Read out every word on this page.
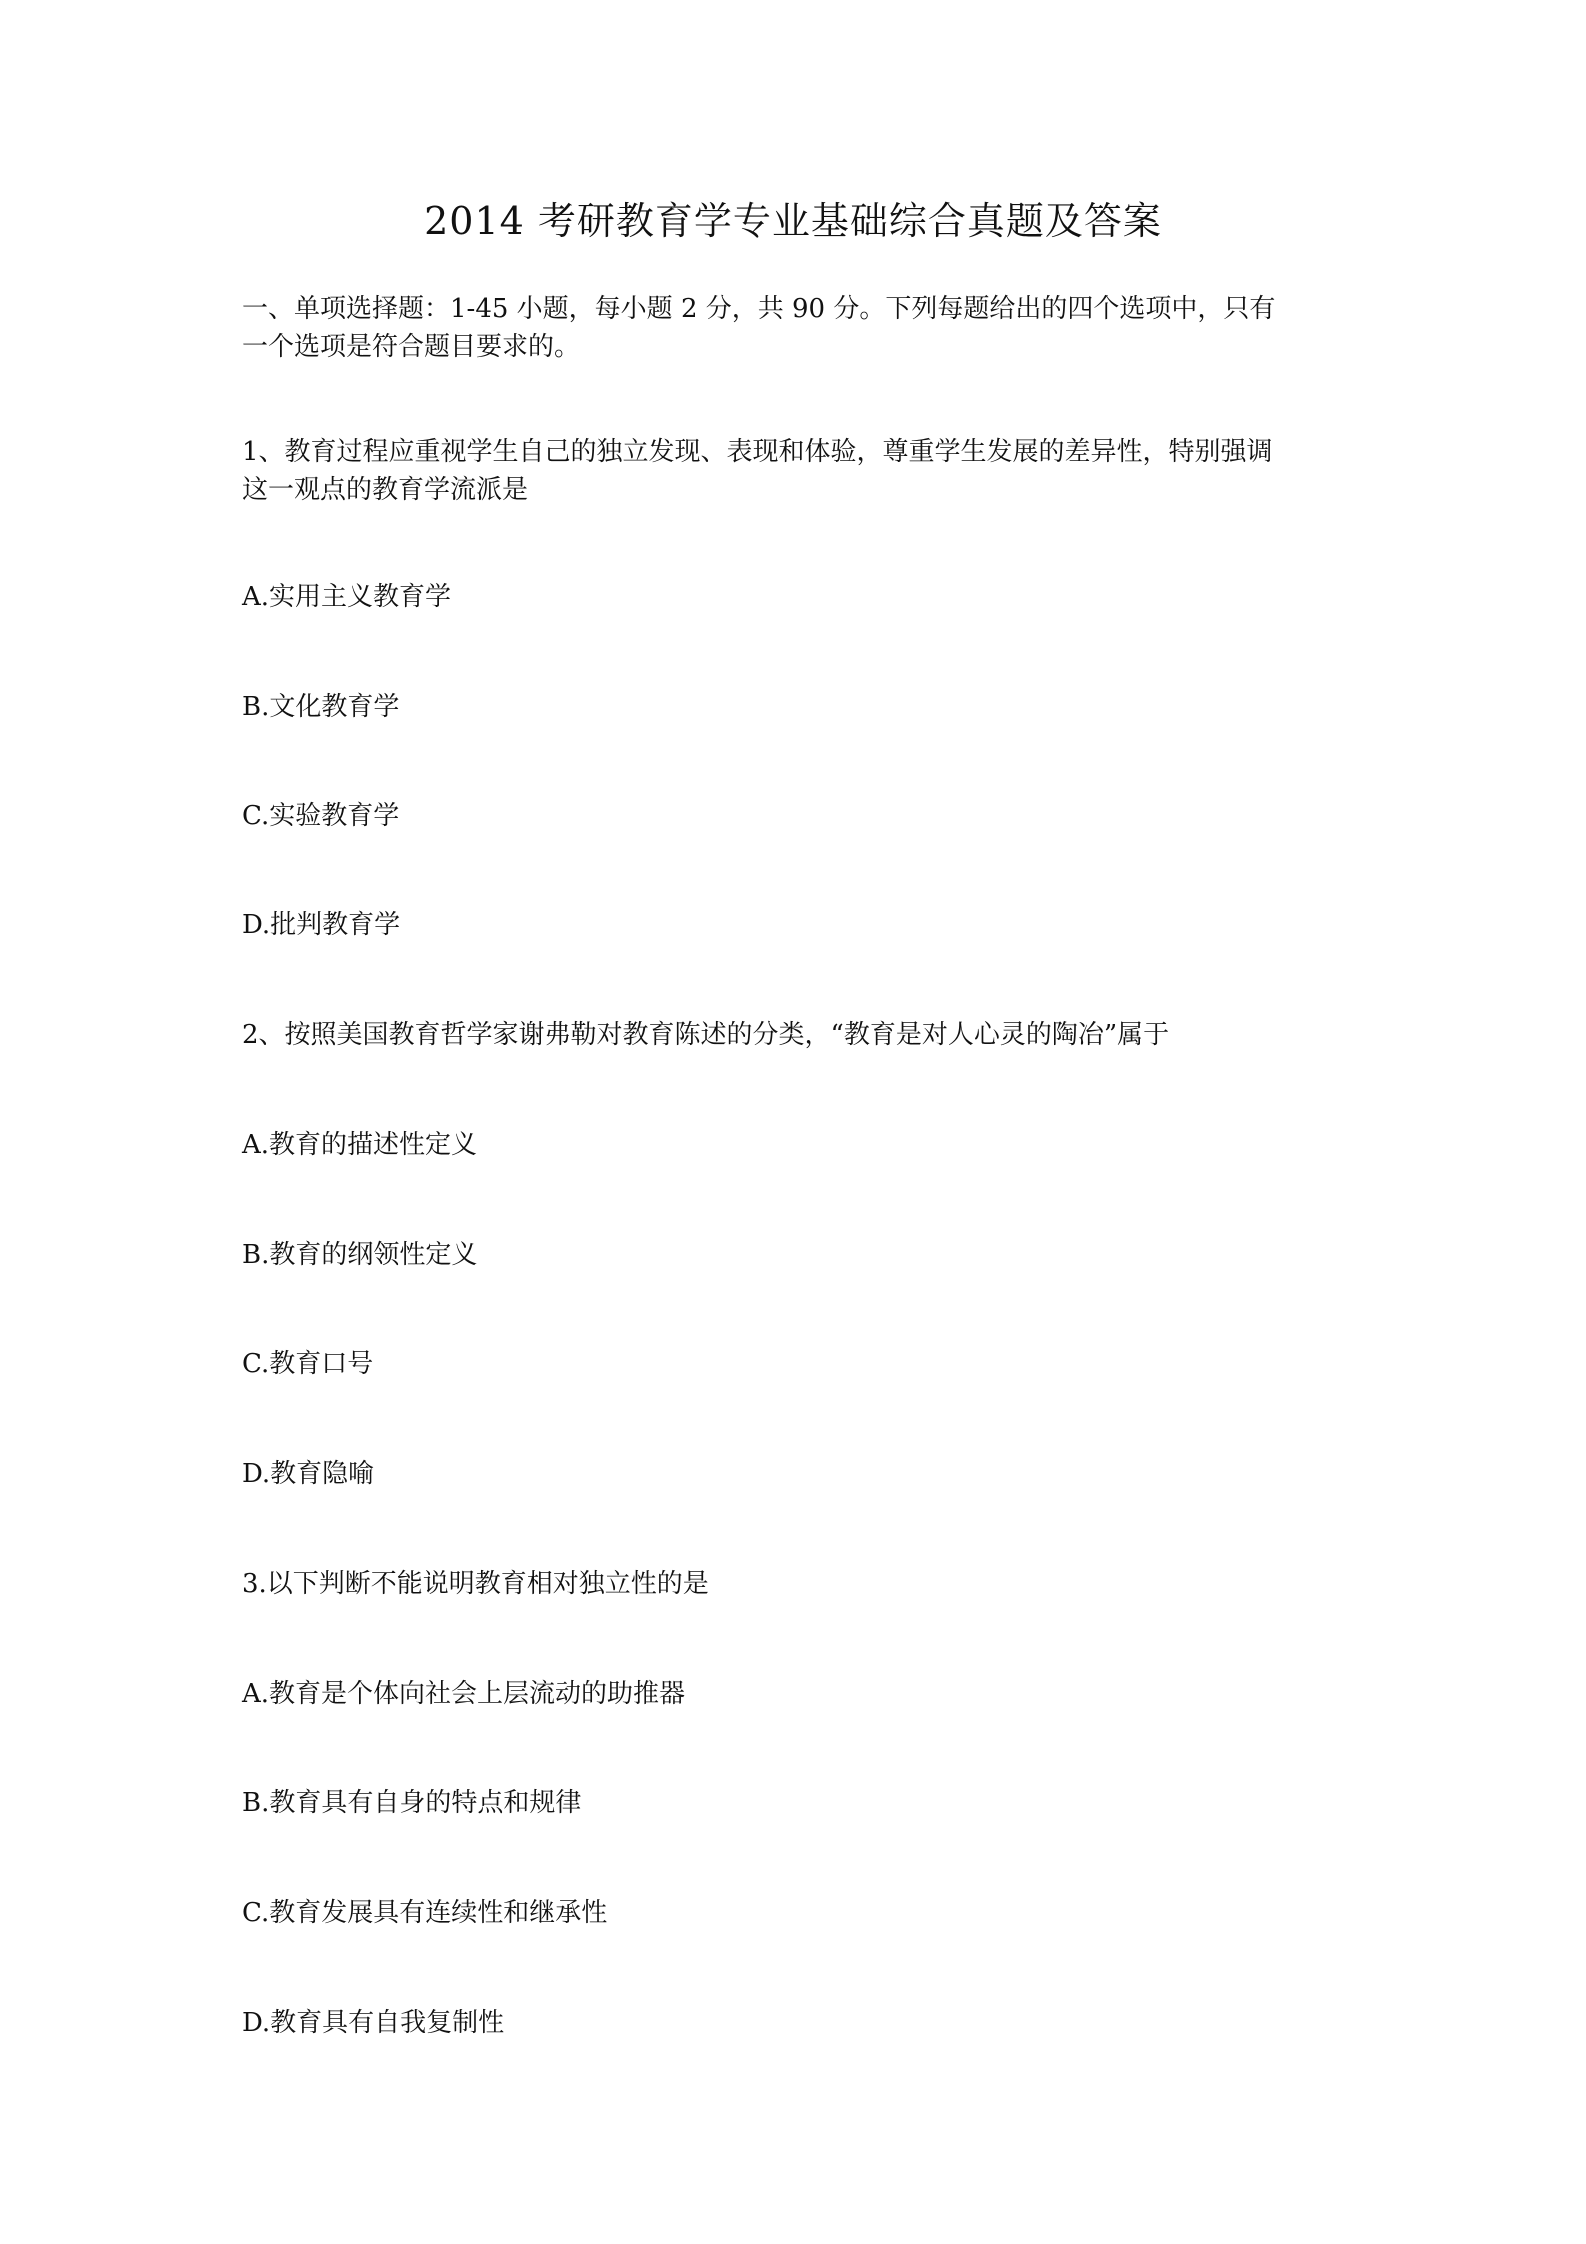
2014 考研教育学专业基础综合真题及答案
一、单项选择题：1-45 小题，每小题 2 分，共 90 分。下列每题给出的四个选项中，只有
一个选项是符合题目要求的。
1、教育过程应重视学生自己的独立发现、表现和体验，尊重学生发展的差异性，特别强调
这一观点的教育学流派是
A.实用主义教育学
B.文化教育学
C.实验教育学
D.批判教育学
2、按照美国教育哲学家谢弗勒对教育陈述的分类，“教育是对人心灵的陶冶”属于
A.教育的描述性定义
B.教育的纲领性定义
C.教育口号
D.教育隐喻
3.以下判断不能说明教育相对独立性的是
A.教育是个体向社会上层流动的助推器
B.教育具有自身的特点和规律
C.教育发展具有连续性和继承性
D.教育具有自我复制性
